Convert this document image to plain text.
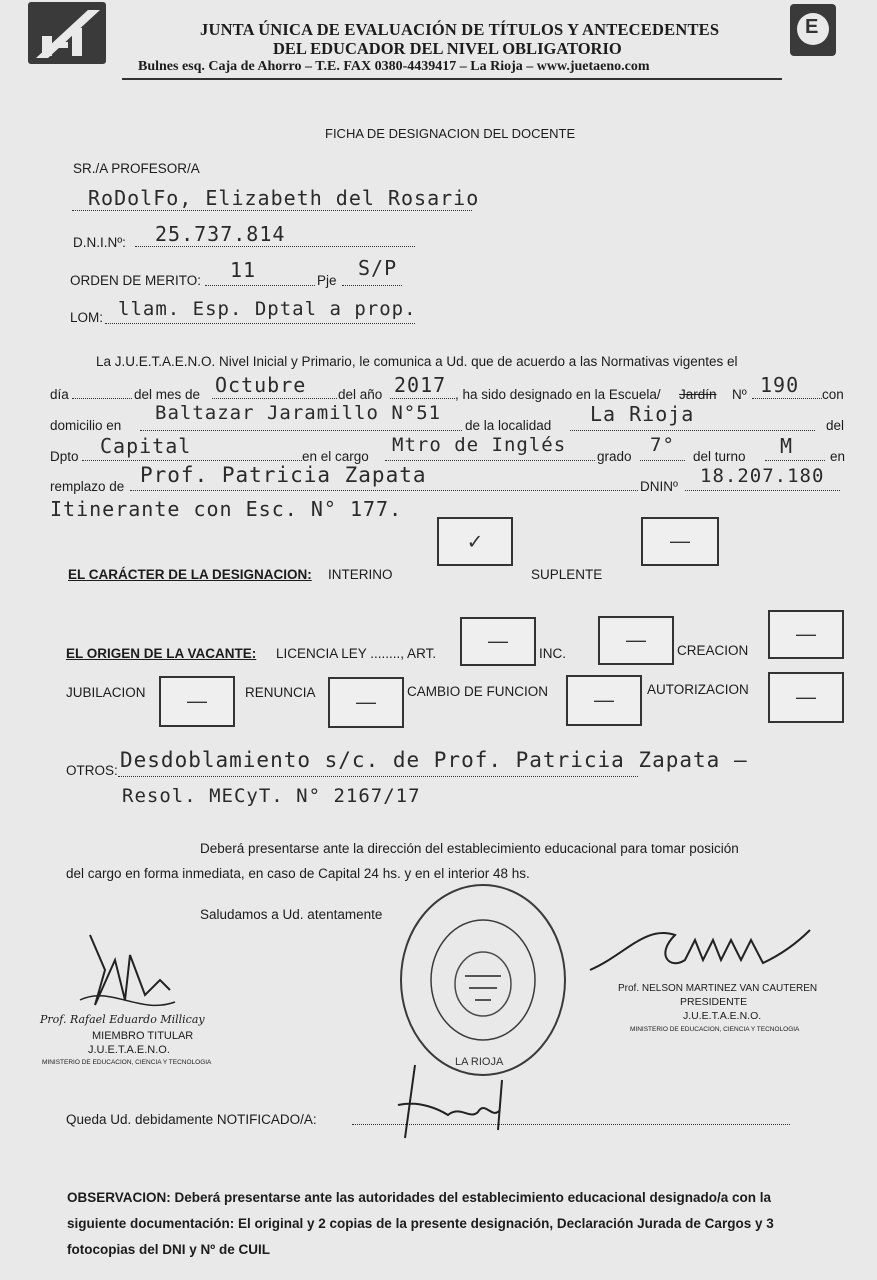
JUNTA ÚNICA DE EVALUACIÓN DE TÍTULOS Y ANTECEDENTES
DEL EDUCADOR DEL NIVEL OBLIGATORIO
Bulnes esq. Caja de Ahorro – T.E. FAX 0380-4439417 – La Rioja – www.juetaeno.com
E
FICHA DE DESIGNACION DEL DOCENTE
SR./A PROFESOR/A
RoDolFo, Elizabeth del Rosario
D.N.I.Nº: 25.737.814
ORDEN DE MERITO: 11	Pje
S/P
LOM: llam. Esp. Dptal a prop.
La J.U.E.T.A.E.N.O. Nivel Inicial y Primario, le comunica a Ud. que de acuerdo a las Normativas vigentes el
día	del mes de Octubre del año 2017 , ha sido designado en la Escuela/ Jardín Nº 190 con
domicilio en
Baltazar Jaramillo N°51
de la localidad La Rioja	del
Dpto Capital	en el cargo
Mtro de Inglés
grado
7°
del turno M	en
remplazo de Prof. Patricia Zapata	DNINº 18.207.180
Itinerante con Esc. N° 177.
✓	—
EL CARÁCTER DE LA DESIGNACION: INTERINO	SUPLENTE
EL ORIGEN DE LA VACANTE: LICENCIA LEY ........, ART.
—
INC.
— CREACION
—
JUBILACION —	RENUNCIA — CAMBIO DE FUNCION — AUTORIZACION —
OTROS: Desdoblamiento s/c. de Prof. Patricia Zapata –
Resol. MECyT. N° 2167/17
Deberá presentarse ante la dirección del establecimiento educacional para tomar posición
del cargo en forma inmediata, en caso de Capital 24 hs. y en el interior 48 hs.
Saludamos a Ud. atentamente
LA RIOJA
Prof. Rafael Eduardo Millicay
MIEMBRO TITULAR
J.U.E.T.A.E.N.O.
MINISTERIO DE EDUCACION, CIENCIA Y TECNOLOGIA
Prof. NELSON MARTINEZ VAN CAUTEREN
PRESIDENTE
J.U.E.T.A.E.N.O.
MINISTERIO DE EDUCACION, CIENCIA Y TECNOLOGIA
Queda Ud. debidamente NOTIFICADO/A:
OBSERVACION: Deberá presentarse ante las autoridades del establecimiento educacional designado/a con la
siguiente documentación: El original y 2 copias de la presente designación, Declaración Jurada de Cargos y 3
fotocopias del DNI y Nº de CUIL
